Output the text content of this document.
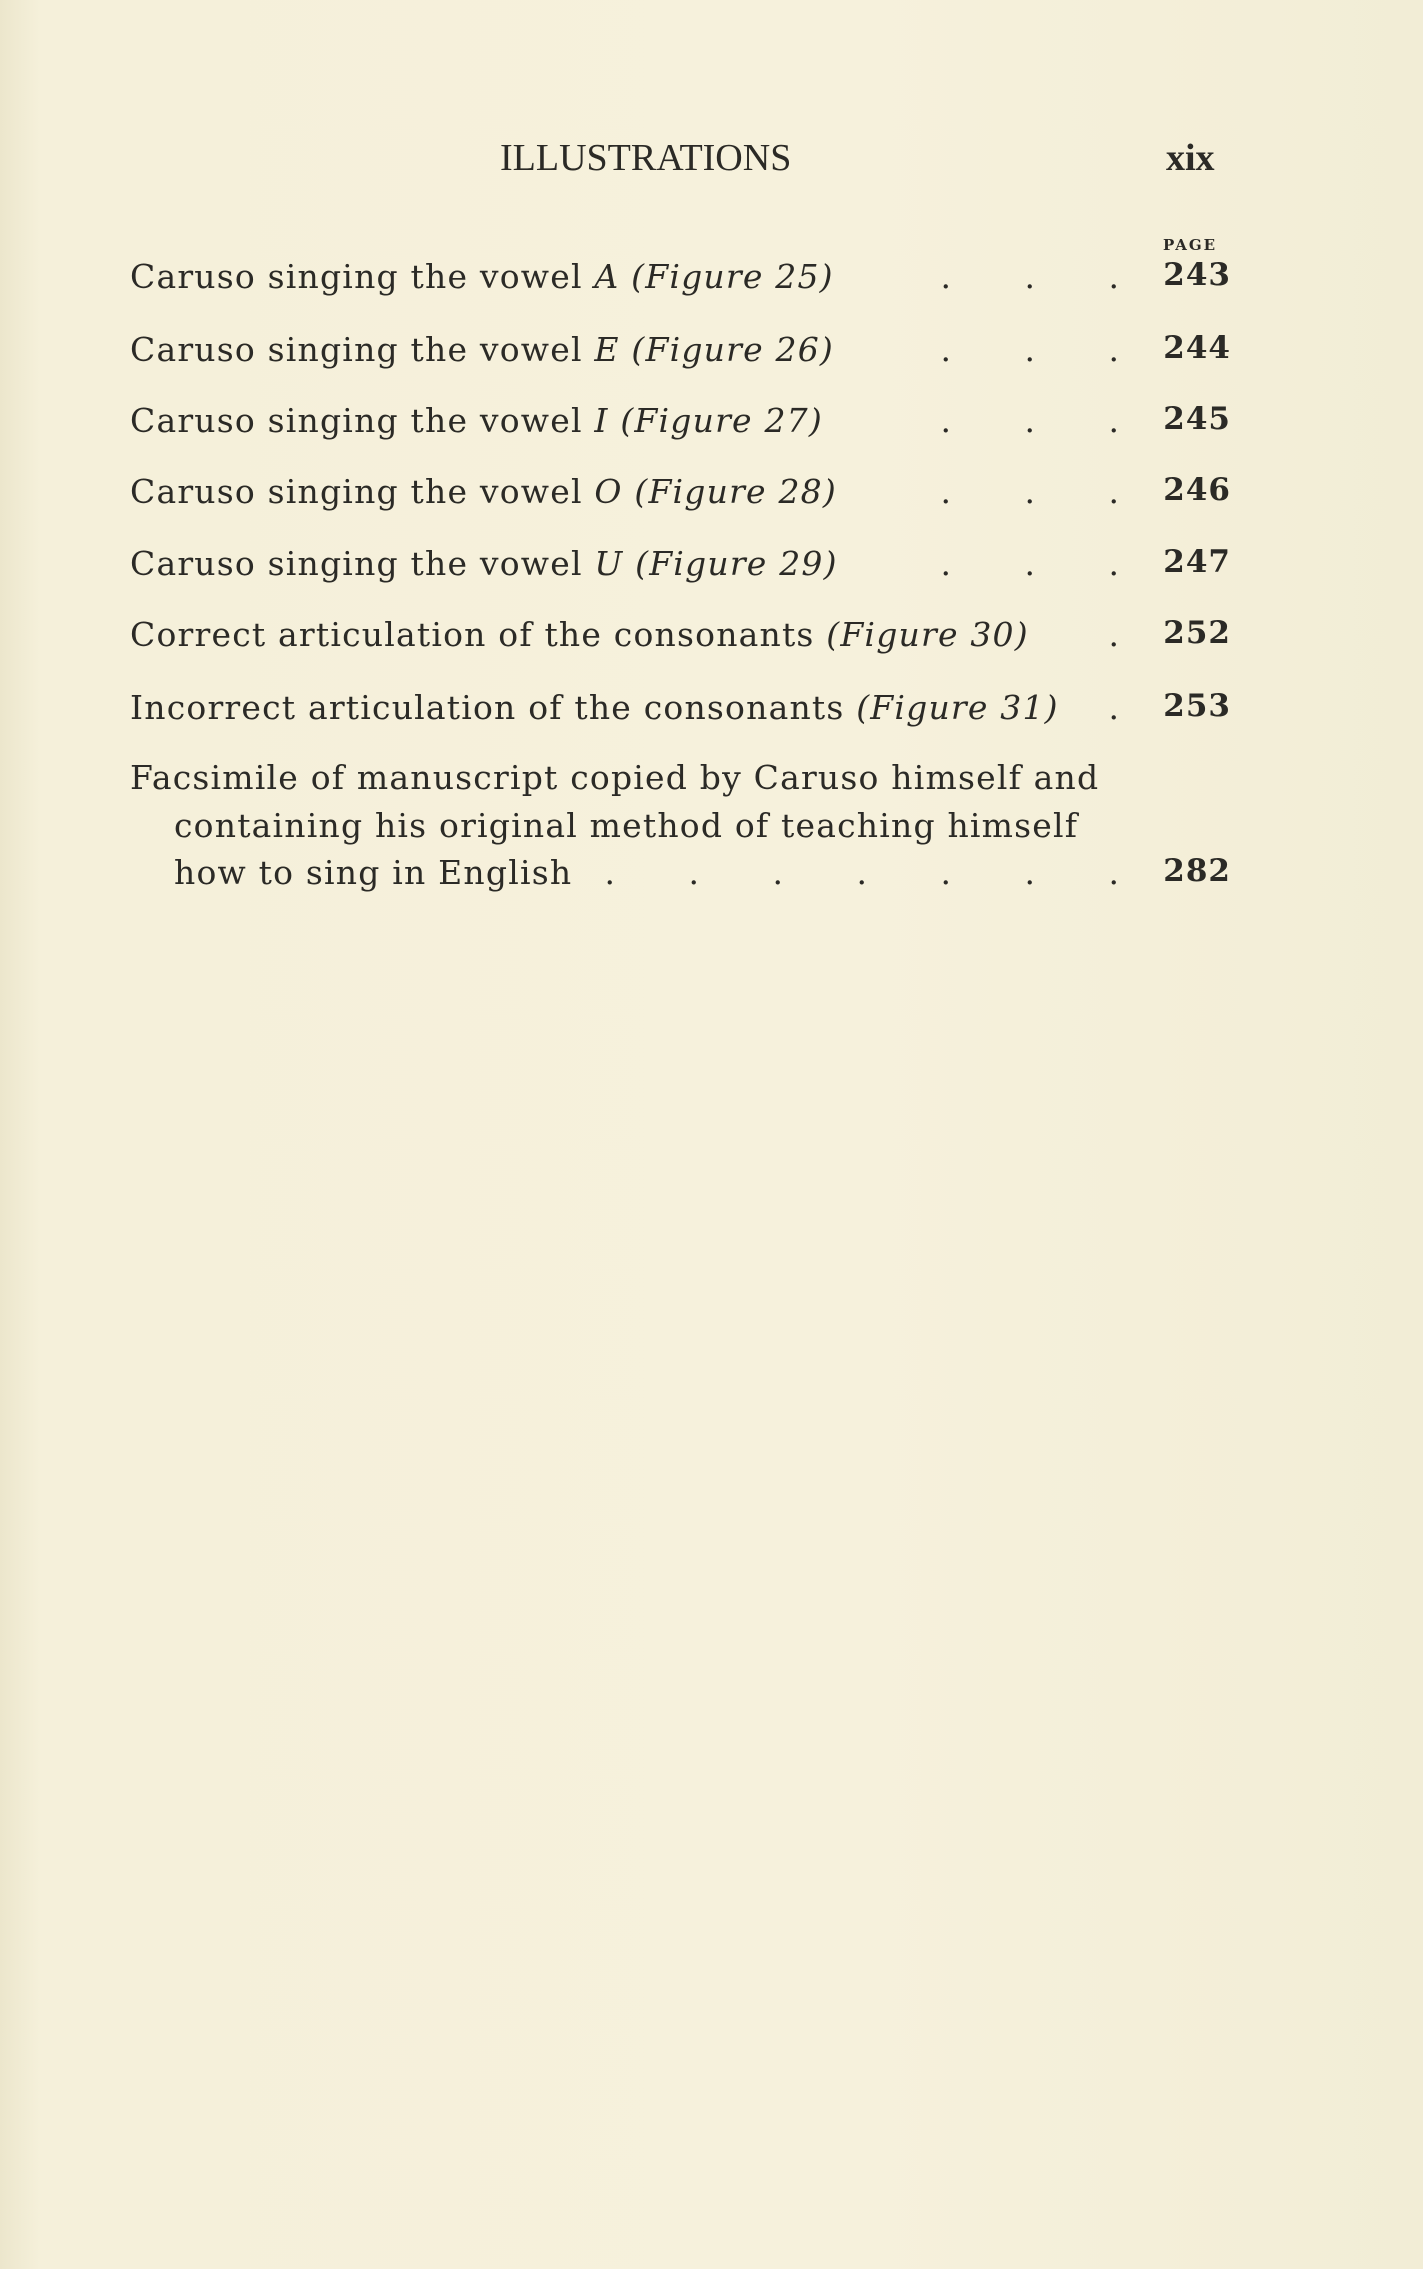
ILLUSTRATIONS	xix
PAGE
Caruso singing the vowel A (Figure 25)	. . . 243
Caruso singing the vowel E (Figure 26)	. . . 244
Caruso singing the vowel I (Figure 27)	. . . 245
Caruso singing the vowel O (Figure 28)	. . . 246
Caruso singing the vowel U (Figure 29)	. . . 247
Correct articulation of the consonants (Figure 30)	. 252
Incorrect articulation of the consonants (Figure 31)	. 253
Facsimile of manuscript copied by Caruso himself and
containing his original method of teaching himself
how to sing in English . . . . . . . 282
